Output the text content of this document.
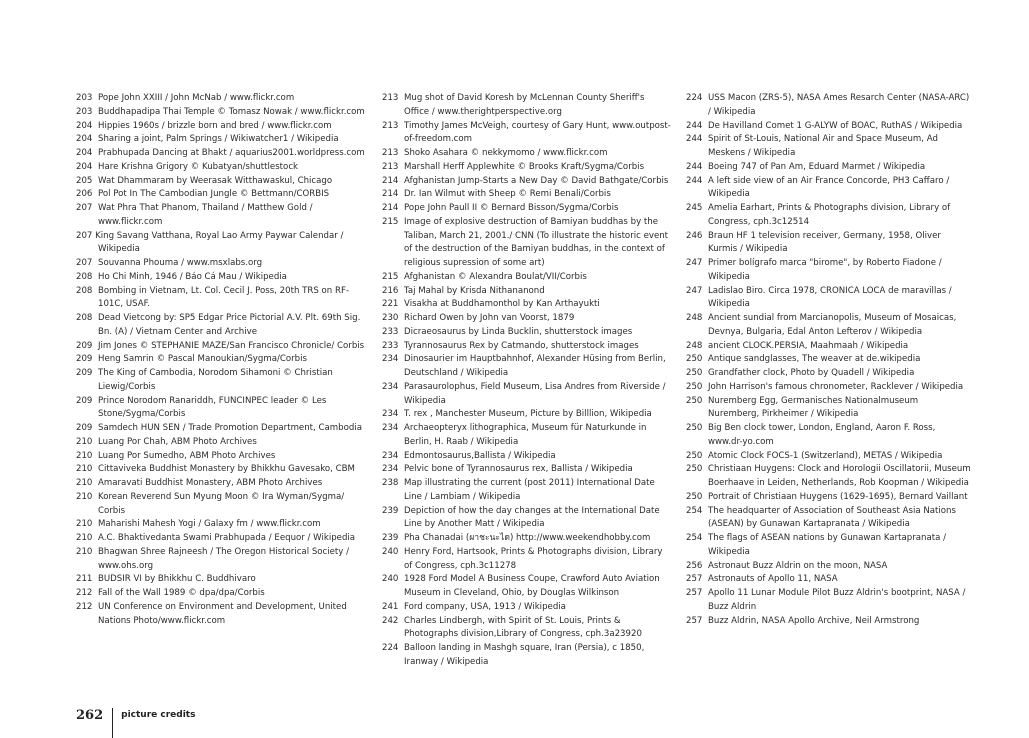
203 Pope John XXIII / John McNab / www.flickr.com
203 Buddhapadipa Thai Temple © Tomasz Nowak / www.flickr.com
204 Hippies 1960s / brizzle born and bred / www.flickr.com
204 Sharing a joint, Palm Springs / Wikiwatcher1 / Wikipedia
204 Prabhupada Dancing at Bhakt / aquarius2001.worldpress.com
204 Hare Krishna Grigory © Kubatyan/shuttlestock
205 Wat Dhammaram by Weerasak Witthawaskul, Chicago
206 Pol Pot In The Cambodian Jungle © Bettmann/CORBIS
207 Wat Phra That Phanom, Thailand / Matthew Gold / www.flickr.com
207 King Savang Vatthana, Royal Lao Army Paywar Calendar / Wikipedia
207 Souvanna Phouma / www.msxlabs.org
208 Ho Chi Minh, 1946 / Báo Cá Mau / Wikipedia
208 Bombing in Vietnam, Lt. Col. Cecil J. Poss, 20th TRS on RF-101C, USAF.
208 Dead Vietcong by: SP5 Edgar Price Pictorial A.V. Plt. 69th Sig. Bn. (A) / Vietnam Center and Archive
209 Jim Jones © STEPHANIE MAZE/San Francisco Chronicle/ Corbis
209 Heng Samrin © Pascal Manoukian/Sygma/Corbis
209 The King of Cambodia, Norodom Sihamoni © Christian Liewig/Corbis
209 Prince Norodom Ranariddh, FUNCINPEC leader © Les Stone/Sygma/Corbis
209 Samdech HUN SEN / Trade Promotion Department, Cambodia
210 Luang Por Chah, ABM Photo Archives
210 Luang Por Sumedho, ABM Photo Archives
210 Cittaviveka Buddhist Monastery by Bhikkhu Gavesako, CBM
210 Amaravati Buddhist Monastery, ABM Photo Archives
210 Korean Reverend Sun Myung Moon © Ira Wyman/Sygma/ Corbis
210 Maharishi Mahesh Yogi / Galaxy fm / www.flickr.com
210 A.C. Bhaktivedanta Swami Prabhupada / Eequor / Wikipedia
210 Bhagwan Shree Rajneesh / The Oregon Historical Society / www.ohs.org
211 BUDSIR VI by Bhikkhu C. Buddhivaro
212 Fall of the Wall 1989 © dpa/dpa/Corbis
212 UN Conference on Environment and Development, United Nations Photo/www.flickr.com
213 Mug shot of David Koresh by McLennan County Sheriff's Office / www.therightperspective.org
213 Timothy James McVeigh, courtesy of Gary Hunt, www.outpost-of-freedom.com
213 Shoko Asahara © nekkymomo / www.flickr.com
213 Marshall Herff Applewhite © Brooks Kraft/Sygma/Corbis
214 Afghanistan Jump-Starts a New Day © David Bathgate/Corbis
214 Dr. Ian Wilmut with Sheep © Remi Benali/Corbis
214 Pope John Paull II © Bernard Bisson/Sygma/Corbis
215 Image of explosive destruction of Bamiyan buddhas by the Taliban, March 21, 2001./ CNN (To illustrate the historic event of the destruction of the Bamiyan buddhas, in the context of religious supression of some art)
215 Afghanistan © Alexandra Boulat/VII/Corbis
216 Taj Mahal by Krisda Nithananond
221 Visakha at Buddhamonthol by Kan Arthayukti
230 Richard Owen by John van Voorst, 1879
233 Dicraeosaurus by Linda Bucklin, shutterstock images
233 Tyrannosaurus Rex by Catmando, shutterstock images
234 Dinosaurier im Hauptbahnhof, Alexander Hüsing from Berlin, Deutschland / Wikipedia
234 Parasaurolophus, Field Museum, Lisa Andres from Riverside / Wikipedia
234 T. rex , Manchester Museum, Picture by Billlion, Wikipedia
234 Archaeopteryx lithographica, Museum für Naturkunde in Berlin, H. Raab / Wikipedia
234 Edmontosaurus,Ballista / Wikipedia
234 Pelvic bone of Tyrannosaurus rex, Ballista / Wikipedia
238 Map illustrating the current (post 2011) International Date Line / Lambiam / Wikipedia
239 Depiction of how the day changes at the International Date Line by Another Matt / Wikipedia
239 Pha Chanadai (ผาชะนะได) http://www.weekendhobby.com
240 Henry Ford, Hartsook, Prints & Photographs division, Library of Congress, cph.3c11278
240 1928 Ford Model A Business Coupe, Crawford Auto Aviation Museum in Cleveland, Ohio, by Douglas Wilkinson
241 Ford company, USA, 1913 / Wikipedia
242 Charles Lindbergh, with Spirit of St. Louis, Prints & Photographs division,Library of Congress, cph.3a23920
224 Balloon landing in Mashgh square, Iran (Persia), c 1850, Iranway / Wikipedia
224 USS Macon (ZRS-5), NASA Ames Resarch Center (NASA-ARC) / Wikipedia
244 De Havilland Comet 1 G-ALYW of BOAC, RuthAS / Wikipedia
244 Spirit of St-Louis, National Air and Space Museum, Ad Meskens / Wikipedia
244 Boeing 747 of Pan Am, Eduard Marmet / Wikipedia
244 A left side view of an Air France Concorde, PH3 Caffaro / Wikipedia
245 Amelia Earhart, Prints & Photographs division, Library of Congress, cph.3c12514
246 Braun HF 1 television receiver, Germany, 1958, Oliver Kurmis / Wikipedia
247 Primer bolígrafo marca "birome", by Roberto Fiadone / Wikipedia
247 Ladislao Biro. Circa 1978, CRONICA LOCA de maravillas / Wikipedia
248 Ancient sundial from Marcianopolis, Museum of Mosaicas, Devnya, Bulgaria, Edal Anton Lefterov / Wikipedia
248 ancient CLOCK.PERSIA, Maahmaah / Wikipedia
250 Antique sandglasses, The weaver at de.wikipedia
250 Grandfather clock, Photo by Quadell / Wikipedia
250 John Harrison's famous chronometer, Racklever / Wikipedia
250 Nuremberg Egg, Germanisches Nationalmuseum Nuremberg, Pirkheimer / Wikipedia
250 Big Ben clock tower, London, England, Aaron F. Ross, www.dr-yo.com
250 Atomic Clock FOCS-1 (Switzerland), METAS / Wikipedia
250 Christiaan Huygens: Clock and Horologii Oscillatorii, Museum Boerhaave in Leiden, Netherlands, Rob Koopman / Wikipedia
250 Portrait of Christiaan Huygens (1629-1695), Bernard Vaillant
254 The headquarter of Association of Southeast Asia Nations (ASEAN) by Gunawan Kartapranata / Wikipedia
254 The flags of ASEAN nations by Gunawan Kartapranata / Wikipedia
256 Astronaut Buzz Aldrin on the moon, NASA
257 Astronauts of Apollo 11, NASA
257 Apollo 11 Lunar Module Pilot Buzz Aldrin's bootprint, NASA / Buzz Aldrin
257 Buzz Aldrin, NASA Apollo Archive, Neil Armstrong
262 picture credits
